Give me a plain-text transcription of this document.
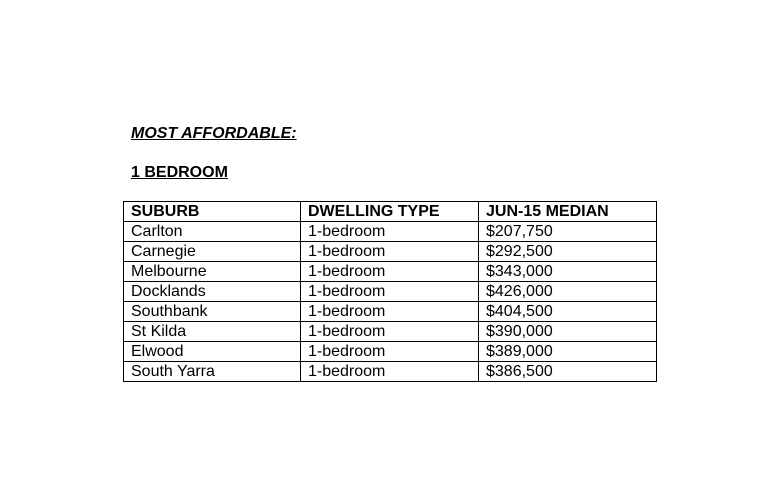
MOST AFFORDABLE:
1 BEDROOM
SUBURB	DWELLING TYPE	JUN-15 MEDIAN
Carlton	1-bedroom	$207,750
Carnegie	1-bedroom	$292,500
Melbourne	1-bedroom	$343,000
Docklands	1-bedroom	$426,000
Southbank	1-bedroom	$404,500
St Kilda	1-bedroom	$390,000
Elwood	1-bedroom	$389,000
South Yarra	1-bedroom	$386,500
